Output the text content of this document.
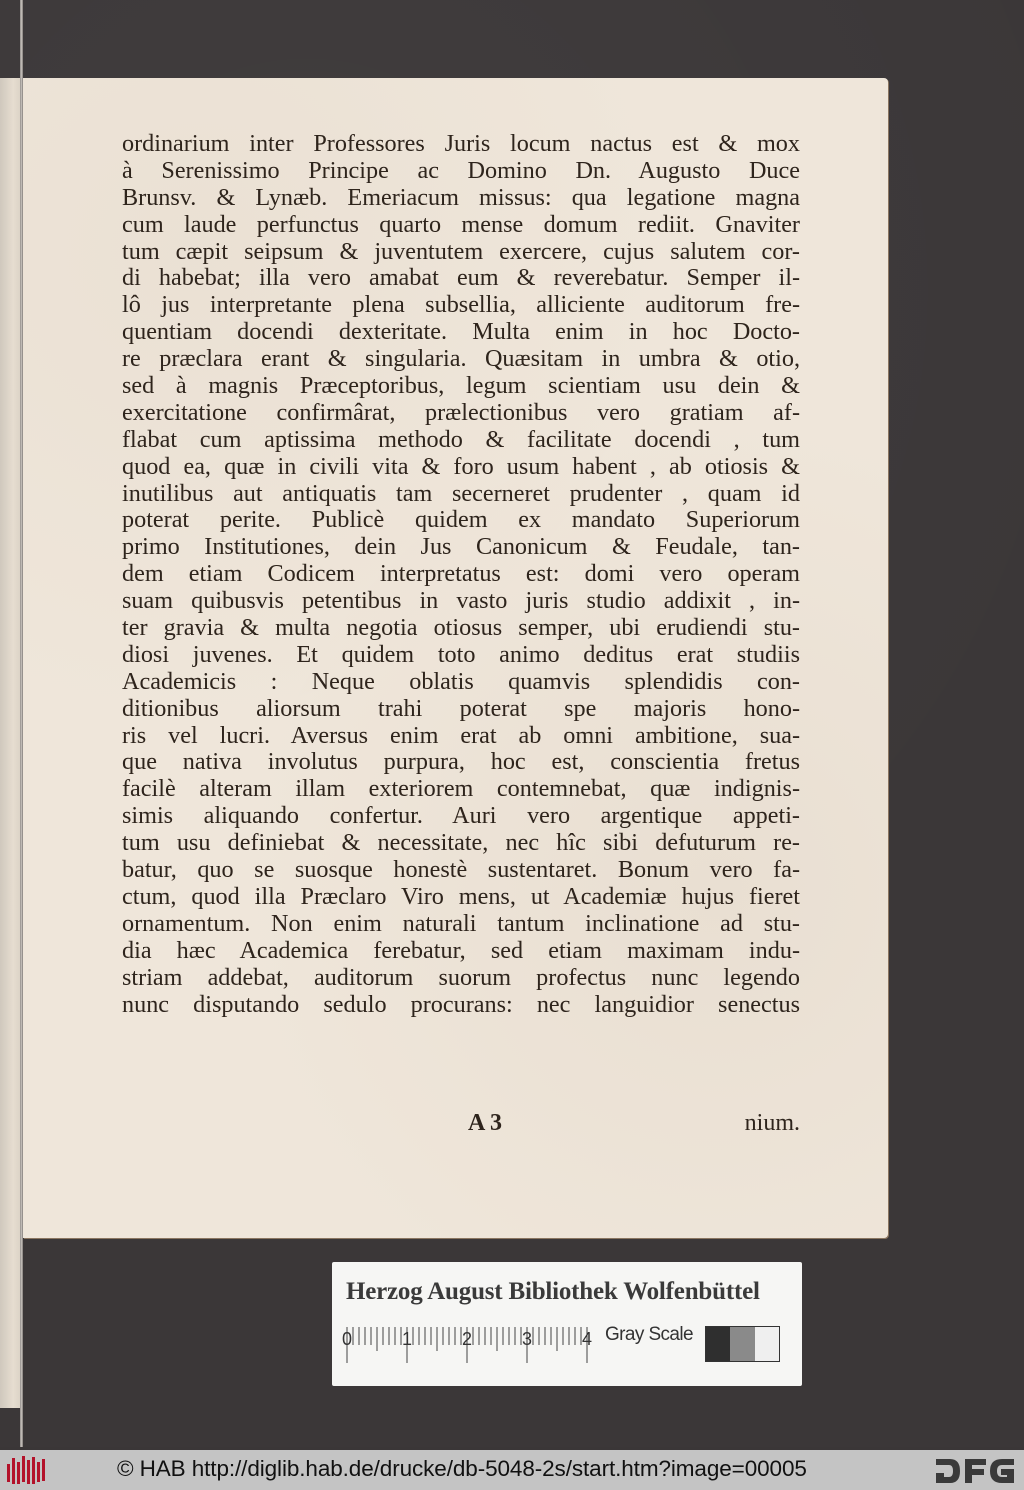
ordinarium inter Professores Juris locum nactus est & mox
à Serenissimo Principe ac Domino Dn. Augusto Duce
Brunsv. & Lynæb. Emeriacum missus: qua legatione magna
cum laude perfunctus quarto mense domum rediit. Gnaviter
tum cæpit seipsum & juventutem exercere, cujus salutem cor-
di habebat; illa vero amabat eum & reverebatur. Semper il-
lô jus interpretante plena subsellia, alliciente auditorum fre-
quentiam docendi dexteritate. Multa enim in hoc Docto-
re præclara erant & singularia. Quæsitam in umbra & otio,
sed à magnis Præceptoribus, legum scientiam usu dein &
exercitatione confirmârat, prælectionibus vero gratiam af-
flabat cum aptissima methodo & facilitate docendi , tum
quod ea, quæ in civili vita & foro usum habent , ab otiosis &
inutilibus aut antiquatis tam secerneret prudenter , quam id
poterat perite. Publicè quidem ex mandato Superiorum
primo Institutiones, dein Jus Canonicum & Feudale, tan-
dem etiam Codicem interpretatus est: domi vero operam
suam quibusvis petentibus in vasto juris studio addixit , in-
ter gravia & multa negotia otiosus semper, ubi erudiendi stu-
diosi juvenes. Et quidem toto animo deditus erat studiis
Academicis : Neque oblatis quamvis splendidis con-
ditionibus aliorsum trahi poterat spe majoris hono-
ris vel lucri. Aversus enim erat ab omni ambitione, sua-
que nativa involutus purpura, hoc est, conscientia fretus
facilè alteram illam exteriorem contemnebat, quæ indignis-
simis aliquando confertur. Auri vero argentique appeti-
tum usu definiebat & necessitate, nec hîc sibi defuturum re-
batur, quo se suosque honestè sustentaret. Bonum vero fa-
ctum, quod illa Præclaro Viro mens, ut Academiæ hujus fieret
ornamentum. Non enim naturali tantum inclinatione ad stu-
dia hæc Academica ferebatur, sed etiam maximam indu-
striam addebat, auditorum suorum profectus nunc legendo
nunc disputando sedulo procurans: nec languidior senectus
A 3	nium.
Herzog August Bibliothek Wolfenbüttel
0	1	2	3	4 Gray Scale
© HAB http://diglib.hab.de/drucke/db-5048-2s/start.htm?image=00005
